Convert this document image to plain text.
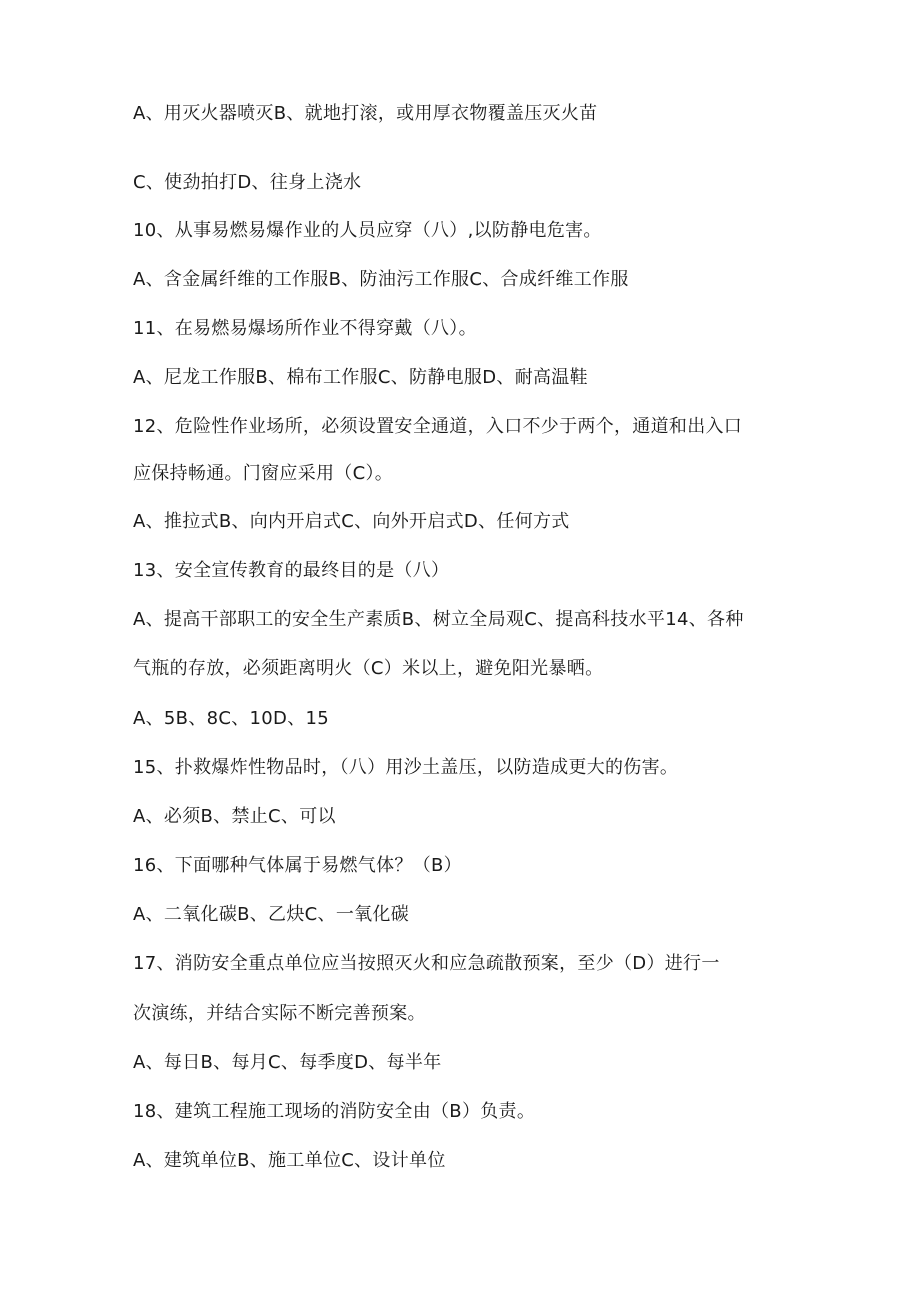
A、用灭火器喷灭B、就地打滚，或用厚衣物覆盖压灭火苗
C、使劲拍打D、往身上浇水
10、从事易燃易爆作业的人员应穿（八）,以防静电危害。
A、含金属纤维的工作服B、防油污工作服C、合成纤维工作服
11、在易燃易爆场所作业不得穿戴（八）。
A、尼龙工作服B、棉布工作服C、防静电服D、耐高温鞋
12、危险性作业场所，必须设置安全通道，入口不少于两个，通道和出入口
应保持畅通。门窗应采用（C）。
A、推拉式B、向内开启式C、向外开启式D、任何方式
13、安全宣传教育的最终目的是（八）
A、提高干部职工的安全生产素质B、树立全局观C、提高科技水平14、各种
气瓶的存放，必须距离明火（C）米以上，避免阳光暴晒。
A、5B、8C、10D、15
15、扑救爆炸性物品时，（八）用沙土盖压，以防造成更大的伤害。
A、必须B、禁止C、可以
16、下面哪种气体属于易燃气体？（B）
A、二氧化碳B、乙炔C、一氧化碳
17、消防安全重点单位应当按照灭火和应急疏散预案，至少（D）进行一
次演练，并结合实际不断完善预案。
A、每日B、每月C、每季度D、每半年
18、建筑工程施工现场的消防安全由（B）负责。
A、建筑单位B、施工单位C、设计单位
